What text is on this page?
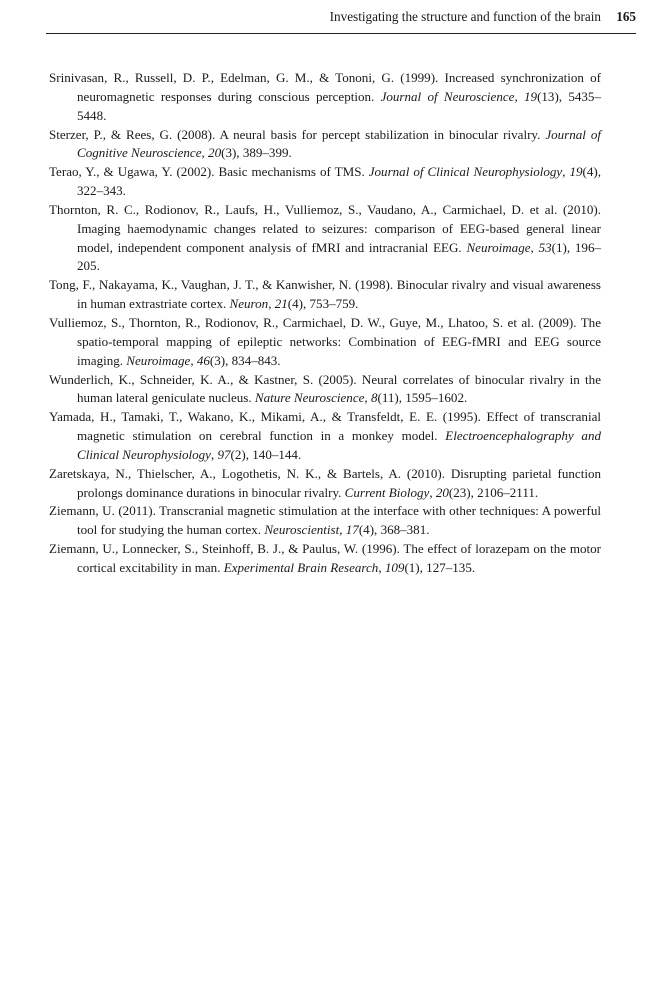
Investigating the structure and function of the brain 165
Srinivasan, R., Russell, D. P., Edelman, G. M., & Tononi, G. (1999). Increased synchronization of neuromagnetic responses during conscious perception. Journal of Neuroscience, 19(13), 5435–5448.
Sterzer, P., & Rees, G. (2008). A neural basis for percept stabilization in binocular rivalry. Journal of Cognitive Neuroscience, 20(3), 389–399.
Terao, Y., & Ugawa, Y. (2002). Basic mechanisms of TMS. Journal of Clinical Neurophysiology, 19(4), 322–343.
Thornton, R. C., Rodionov, R., Laufs, H., Vulliemoz, S., Vaudano, A., Carmichael, D. et al. (2010). Imaging haemodynamic changes related to seizures: comparison of EEG-based general linear model, independent component analysis of fMRI and intracranial EEG. Neuroimage, 53(1), 196–205.
Tong, F., Nakayama, K., Vaughan, J. T., & Kanwisher, N. (1998). Binocular rivalry and visual awareness in human extrastriate cortex. Neuron, 21(4), 753–759.
Vulliemoz, S., Thornton, R., Rodionov, R., Carmichael, D. W., Guye, M., Lhatoo, S. et al. (2009). The spatio-temporal mapping of epileptic networks: Combination of EEG-fMRI and EEG source imaging. Neuroimage, 46(3), 834–843.
Wunderlich, K., Schneider, K. A., & Kastner, S. (2005). Neural correlates of binocular rivalry in the human lateral geniculate nucleus. Nature Neuroscience, 8(11), 1595–1602.
Yamada, H., Tamaki, T., Wakano, K., Mikami, A., & Transfeldt, E. E. (1995). Effect of transcranial magnetic stimulation on cerebral function in a monkey model. Electroencephalography and Clinical Neurophysiology, 97(2), 140–144.
Zaretskaya, N., Thielscher, A., Logothetis, N. K., & Bartels, A. (2010). Disrupting parietal function prolongs dominance durations in binocular rivalry. Current Biology, 20(23), 2106–2111.
Ziemann, U. (2011). Transcranial magnetic stimulation at the interface with other techniques: A powerful tool for studying the human cortex. Neuroscientist, 17(4), 368–381.
Ziemann, U., Lonnecker, S., Steinhoff, B. J., & Paulus, W. (1996). The effect of lorazepam on the motor cortical excitability in man. Experimental Brain Research, 109(1), 127–135.
